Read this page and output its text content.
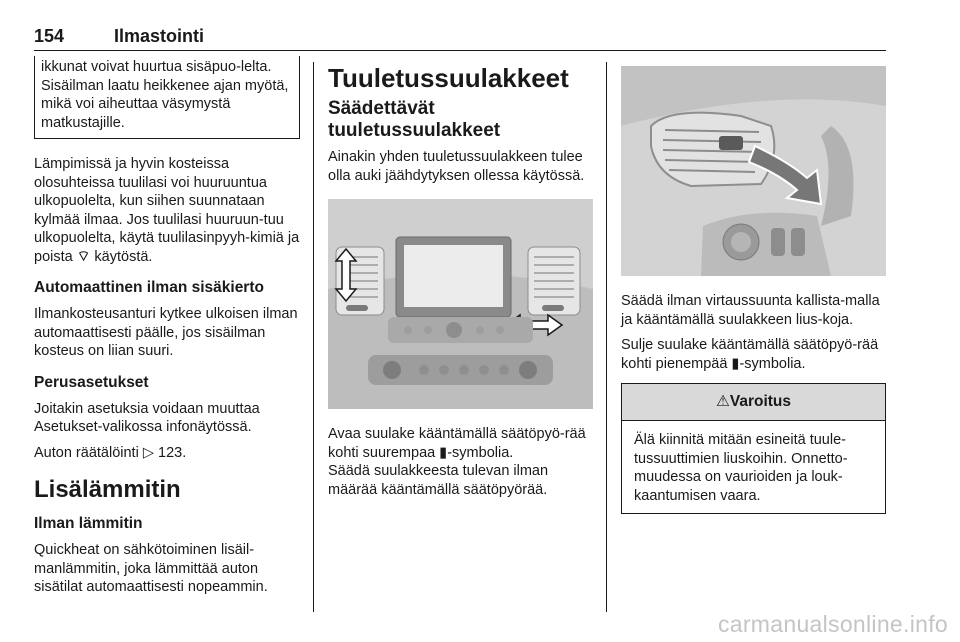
154	Ilmastointi

ikkunat voivat huurtua sisäpuo-lelta. Sisäilman laatu heikkenee ajan myötä, mikä voi aiheuttaa väsymystä matkustajille.

Lämpimissä ja hyvin kosteissa olosuhteissa tuulilasi voi huuruuntua ulkopuolelta, kun siihen suunnataan kylmää ilmaa. Jos tuulilasi huuruun-tuu ulkopuolelta, käytä tuulilasinpyyh-kimiä ja poista ⌔ käytöstä.

Automaattinen ilman sisäkierto

Ilmankosteusanturi kytkee ulkoisen ilman automaattisesti päälle, jos sisäilman kosteus on liian suuri.

Perusasetukset

Joitakin asetuksia voidaan muuttaa Asetukset-valikossa infonäytössä.

Auton räätälöinti ▷ 123.

Lisälämmitin
Ilman lämmitin

Quickheat on sähkötoiminen lisäil-manlämmitin, joka lämmittää auton sisätilat automaattisesti nopeammin.

Tuuletussuulakkeet
Säädettävät tuuletussuulakkeet

Ainakin yhden tuuletussuulakkeen tulee olla auki jäähdytyksen ollessa käytössä.

Avaa suulake kääntämällä säätöpyö-rää kohti suurempaa ▮-symbolia.

Säädä suulakkeesta tulevan ilman määrää kääntämällä säätöpyörää.

Säädä ilman virtaussuunta kallista-malla ja kääntämällä suulakkeen lius-koja.

Sulje suulake kääntämällä säätöpyö-rää kohti pienempää ▮-symbolia.

⚠Varoitus

Älä kiinnitä mitään esineitä tuule-tussuuttimien liuskoihin. Onnetto-muudessa on vaurioiden ja louk-kaantumisen vaara.

carmanualsonline.info
